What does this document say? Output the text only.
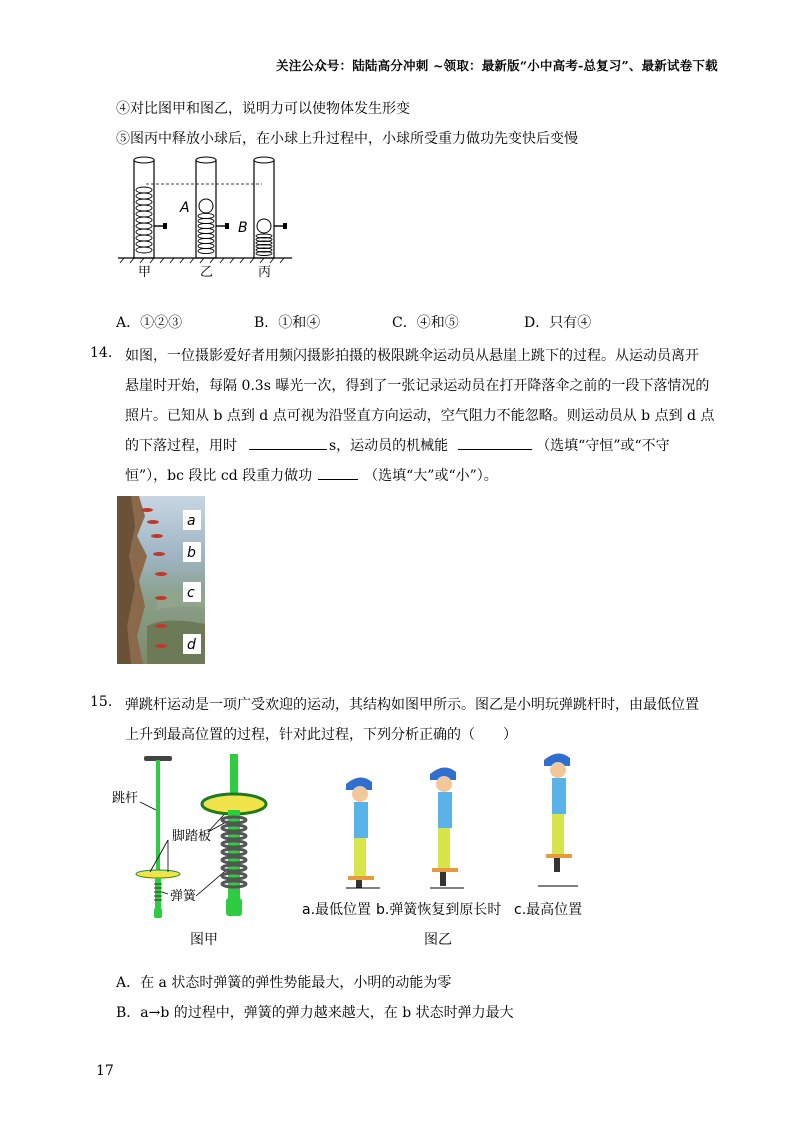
关注公众号：陆陆高分冲刺 ~领取：最新版“小中高考-总复习”、最新试卷下载
④对比图甲和图乙，说明力可以使物体发生形变
⑤图丙中释放小球后，在小球上升过程中，小球所受重力做功先变快后变慢
A
B
甲	乙	丙
A．①②③	B．①和④	C．④和⑤	D．只有④
14. 如图，一位摄影爱好者用频闪摄影拍摄的极限跳伞运动员从悬崖上跳下的过程。从运动员离开
悬崖时开始，每隔 0.3s 曝光一次，得到了一张记录运动员在打开降落伞之前的一段下落情况的
照片。已知从 b 点到 d 点可视为沿竖直方向运动，空气阻力不能忽略。则运动员从 b 点到 d 点
的下落过程，用时	s，运动员的机械能	（选填“守恒”或“不守
恒”），bc 段比 cd 段重力做功	（选填“大”或“小”）。
a
b
c
d
15. 弹跳杆运动是一项广受欢迎的运动，其结构如图甲所示。图乙是小明玩弹跳杆时，由最低位置
上升到最高位置的过程，针对此过程，下列分析正确的（　　）
跳杆
脚踏板
弹簧
图甲	图乙
a.最低位置 b.弹簧恢复到原长时 c.最高位置
A．在 a 状态时弹簧的弹性势能最大，小明的动能为零
B．a→b 的过程中，弹簧的弹力越来越大，在 b 状态时弹力最大
17
